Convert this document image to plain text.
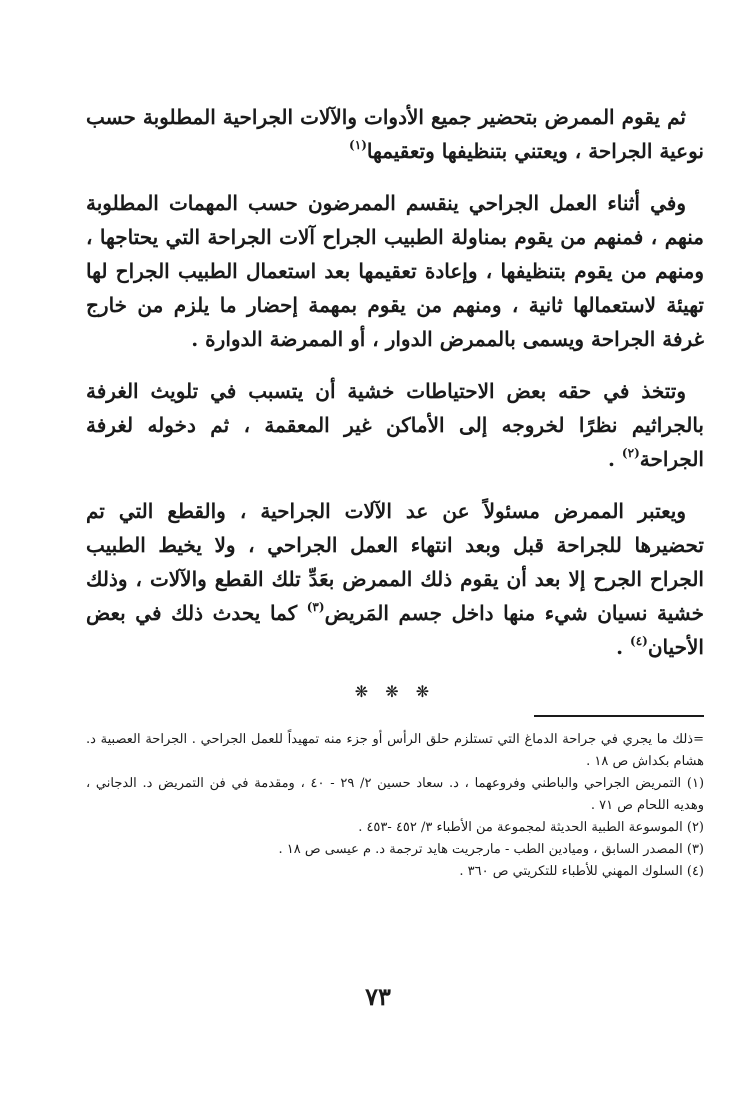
ثم يقوم الممرض بتحضير جميع الأدوات والآلات الجراحية المطلوبة حسب نوعية الجراحة ، ويعتني بتنظيفها وتعقيمها$^{(١)}$
وفي أثناء العمل الجراحي ينقسم الممرضون حسب المهمات المطلوبة منهم ، فمنهم من يقوم بمناولة الطبيب الجراح آلات الجراحة التي يحتاجها ، ومنهم من يقوم بتنظيفها ، وإعادة تعقيمها بعد استعمال الطبيب الجراح لها تهيئة لاستعمالها ثانية ، ومنهم من يقوم بمهمة إحضار ما يلزم من خارج غرفة الجراحة ويسمى بالممرض الدوار ، أو الممرضة الدوارة .
وتتخذ في حقه بعض الاحتياطات خشية أن يتسبب في تلويث الغرفة بالجراثيم نظرًا لخروجه إلى الأماكن غير المعقمة ، ثم دخوله لغرفة الجراحة$^{(٢)}$ .
ويعتبر الممرض مسئولاً عن عد الآلات الجراحية ، والقطع التي تم تحضيرها للجراحة قبل وبعد انتهاء العمل الجراحي ، ولا يخيط الطبيب الجراح الجرح إلا بعد أن يقوم ذلك الممرض بعَدِّ تلك القطع والآلات ، وذلك خشية نسيان شيء منها داخل جسم المَريض$^{(٣)}$ كما يحدث ذلك في بعض الأحيان$^{(٤)}$ .
❋ ❋ ❋

=ذلك ما يجري في جراحة الدماغ التي تستلزم حلق الرأس أو جزء منه تمهيداً للعمل الجراحي . الجراحة العصبية د. هشام بكداش ص ١٨ .

(١) التمريض الجراحي والباطني وفروعهما ، د. سعاد حسين ٢/ ٢٩ - ٤٠ ، ومقدمة في فن التمريض د. الدجاني ، وهديه اللحام ص ٧١ .

(٢) الموسوعة الطبية الحديثة لمجموعة من الأطباء ٣/ ٤٥٢ -٤٥٣ .

(٣) المصدر السابق ، وميادين الطب - مارجريت هايد ترجمة د. م عيسى ص ١٨ .

(٤) السلوك المهني للأطباء للتكريتي ص ٣٦٠ .

٧٣
